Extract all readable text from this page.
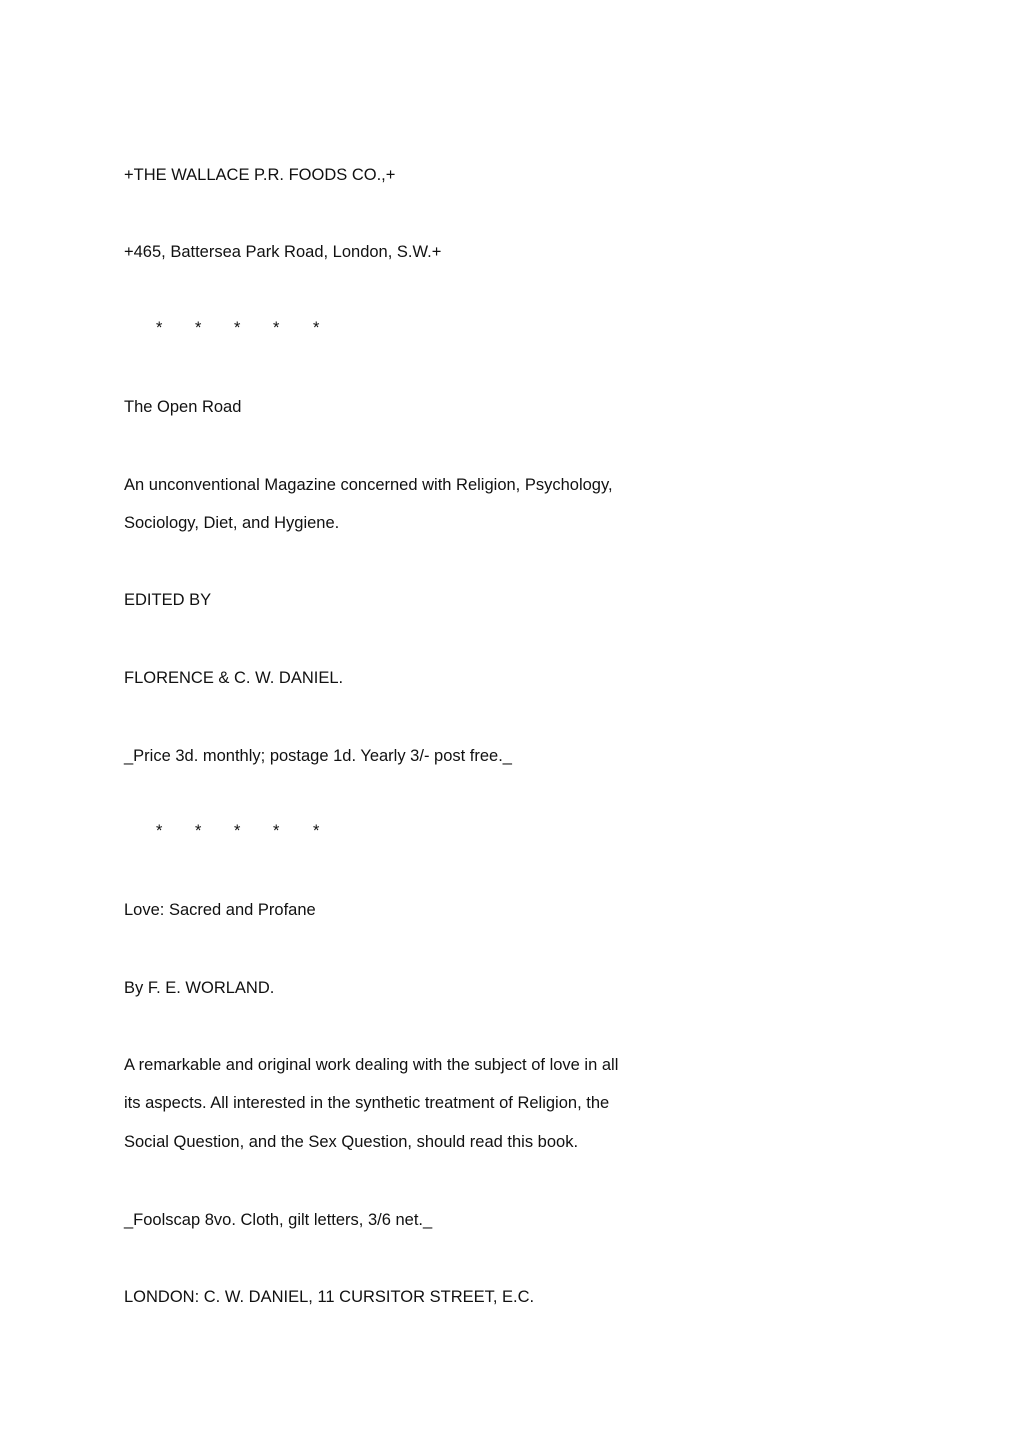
+THE WALLACE P.R. FOODS CO.,+
+465, Battersea Park Road, London, S.W.+
* * * * *
The Open Road
An unconventional Magazine concerned with Religion, Psychology,
Sociology, Diet, and Hygiene.
EDITED BY
FLORENCE & C. W. DANIEL.
_Price 3d. monthly; postage 1d. Yearly 3/- post free._
* * * * *
Love: Sacred and Profane
By F. E. WORLAND.
A remarkable and original work dealing with the subject of love in all
its aspects. All interested in the synthetic treatment of Religion, the
Social Question, and the Sex Question, should read this book.
_Foolscap 8vo. Cloth, gilt letters, 3/6 net._
LONDON: C. W. DANIEL, 11 CURSITOR STREET, E.C.
